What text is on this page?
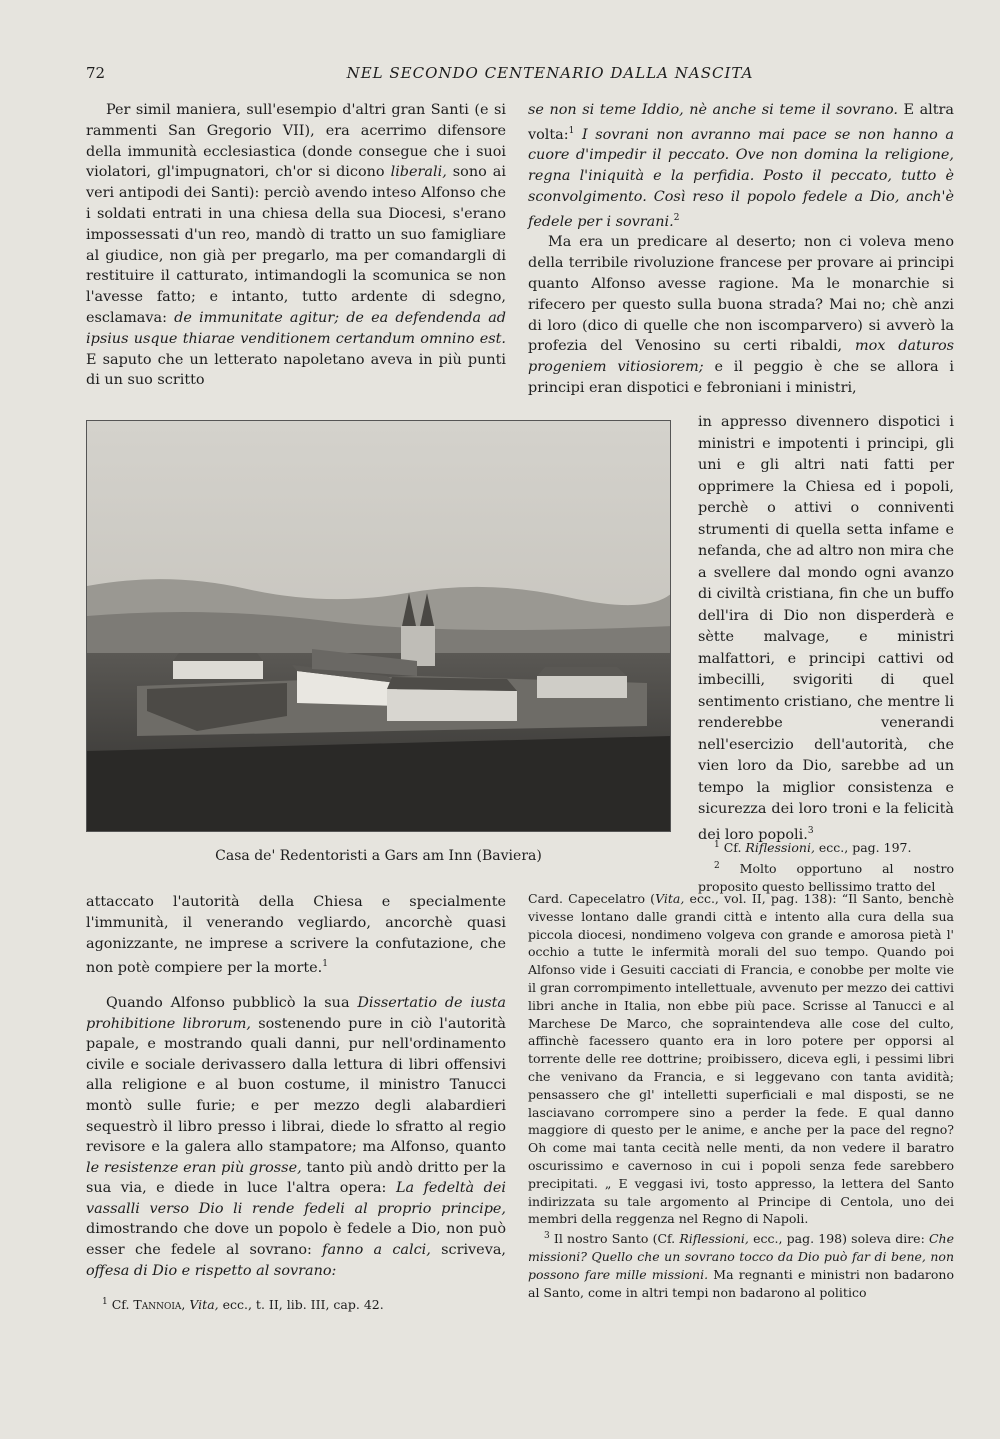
72	NEL SECONDO CENTENARIO DALLA NASCITA

Per simil maniera, sull'esempio d'altri gran Santi (e si rammenti San Gregorio VII), era acerrimo difensore della immunità ecclesiastica (donde consegue che i suoi violatori, gl'impugnatori, ch'or si dicono liberali, sono ai veri antipodi dei Santi): perciò avendo inteso Alfonso che i soldati entrati in una chiesa della sua Diocesi, s'erano impossessati d'un reo, mandò di tratto un suo famigliare al giudice, non già per pregarlo, ma per comandargli di restituire il catturato, intimandogli la scomunica se non l'avesse fatto; e intanto, tutto ardente di sdegno, esclamava: de immunitate agitur; de ea defendenda ad ipsius usque thiarae venditionem certandum omnino est. E saputo che un letterato napoletano aveva in più punti di un suo scritto

se non si teme Iddio, nè anche si teme il sovrano. E altra volta:$^1$ I sovrani non avranno mai pace se non hanno a cuore d'impedir il peccato. Ove non domina la religione, regna l'iniquità e la perfidia. Posto il peccato, tutto è sconvolgimento. Così reso il popolo fedele a Dio, anch'è fedele per i sovrani.$^2$

Ma era un predicare al deserto; non ci voleva meno della terribile rivoluzione francese per provare ai principi quanto Alfonso avesse ragione. Ma le monarchie si rifecero per questo sulla buona strada? Mai no; chè anzi di loro (dico di quelle che non iscomparvero) si avverò la profezia del Venosino su certi ribaldi, mox daturos progeniem vitiosiorem; e il peggio è che se allora i principi eran dispotici e febroniani i ministri,

in appresso divennero dispotici i ministri e impotenti i principi, gli uni e gli altri nati fatti per opprimere la Chiesa ed i popoli, perchè o attivi o conniventi strumenti di quella setta infame e nefanda, che ad altro non mira che a svellere dal mondo ogni avanzo di civiltà cristiana, fin che un buffo dell'ira di Dio non disperderà e sètte malvage, e ministri malfattori, e principi cattivi od imbecilli, svigoriti di quel sentimento cristiano, che mentre li renderebbe venerandi nell'esercizio dell'autorità, che vien loro da Dio, sarebbe ad un tempo la miglior consistenza e sicurezza dei loro troni e la felicità dei loro popoli.$^3$

Casa de' Redentoristi a Gars am Inn (Baviera)

$^1$ Cf. Riflessioni, ecc., pag. 197.

$^2$ Molto opportuno al nostro proposito questo bellissimo tratto del

attaccato l'autorità della Chiesa e specialmente l'immunità, il venerando vegliardo, ancorchè quasi agonizzante, ne imprese a scrivere la confutazione, che non potè compiere per la morte.$^1$

Quando Alfonso pubblicò la sua Dissertatio de iusta prohibitione librorum, sostenendo pure in ciò l'autorità papale, e mostrando quali danni, pur nell'ordinamento civile e sociale derivassero dalla lettura di libri offensivi alla religione e al buon costume, il ministro Tanucci montò sulle furie; e per mezzo degli alabardieri sequestrò il libro presso i librai, diede lo sfratto al regio revisore e la galera allo stampatore; ma Alfonso, quanto le resistenze eran più grosse, tanto più andò dritto per la sua via, e diede in luce l'altra opera: La fedeltà dei vassalli verso Dio li rende fedeli al proprio principe, dimostrando che dove un popolo è fedele a Dio, non può esser che fedele al sovrano: fanno a calci, scriveva, offesa di Dio e rispetto al sovrano:

$^1$ Cf. Tannoia, Vita, ecc., t. II, lib. III, cap. 42.

Card. Capecelatro (Vita, ecc., vol. II, pag. 138): “Il Santo, benchè vivesse lontano dalle grandi città e intento alla cura della sua piccola diocesi, nondimeno volgeva con grande e amorosa pietà l' occhio a tutte le infermità morali del suo tempo. Quando poi Alfonso vide i Gesuiti cacciati di Francia, e conobbe per molte vie il gran corrompimento intellettuale, avvenuto per mezzo dei cattivi libri anche in Italia, non ebbe più pace. Scrisse al Tanucci e al Marchese De Marco, che sopraintendeva alle cose del culto, affinchè facessero quanto era in loro potere per opporsi al torrente delle ree dottrine; proibissero, diceva egli, i pessimi libri che venivano da Francia, e si leggevano con tanta avidità; pensassero che gl' intelletti superficiali e mal disposti, se ne lasciavano corrompere sino a perder la fede. E qual danno maggiore di questo per le anime, e anche per la pace del regno? Oh come mai tanta cecità nelle menti, da non vedere il baratro oscurissimo e cavernoso in cui i popoli senza fede sarebbero precipitati. „ E veggasi ivi, tosto appresso, la lettera del Santo indirizzata su tale argomento al Principe di Centola, uno dei membri della reggenza nel Regno di Napoli.

$^3$ Il nostro Santo (Cf. Riflessioni, ecc., pag. 198) soleva dire: Che missioni? Quello che un sovrano tocco da Dio può far di bene, non possono fare mille missioni. Ma regnanti e ministri non badarono al Santo, come in altri tempi non badarono al politico
